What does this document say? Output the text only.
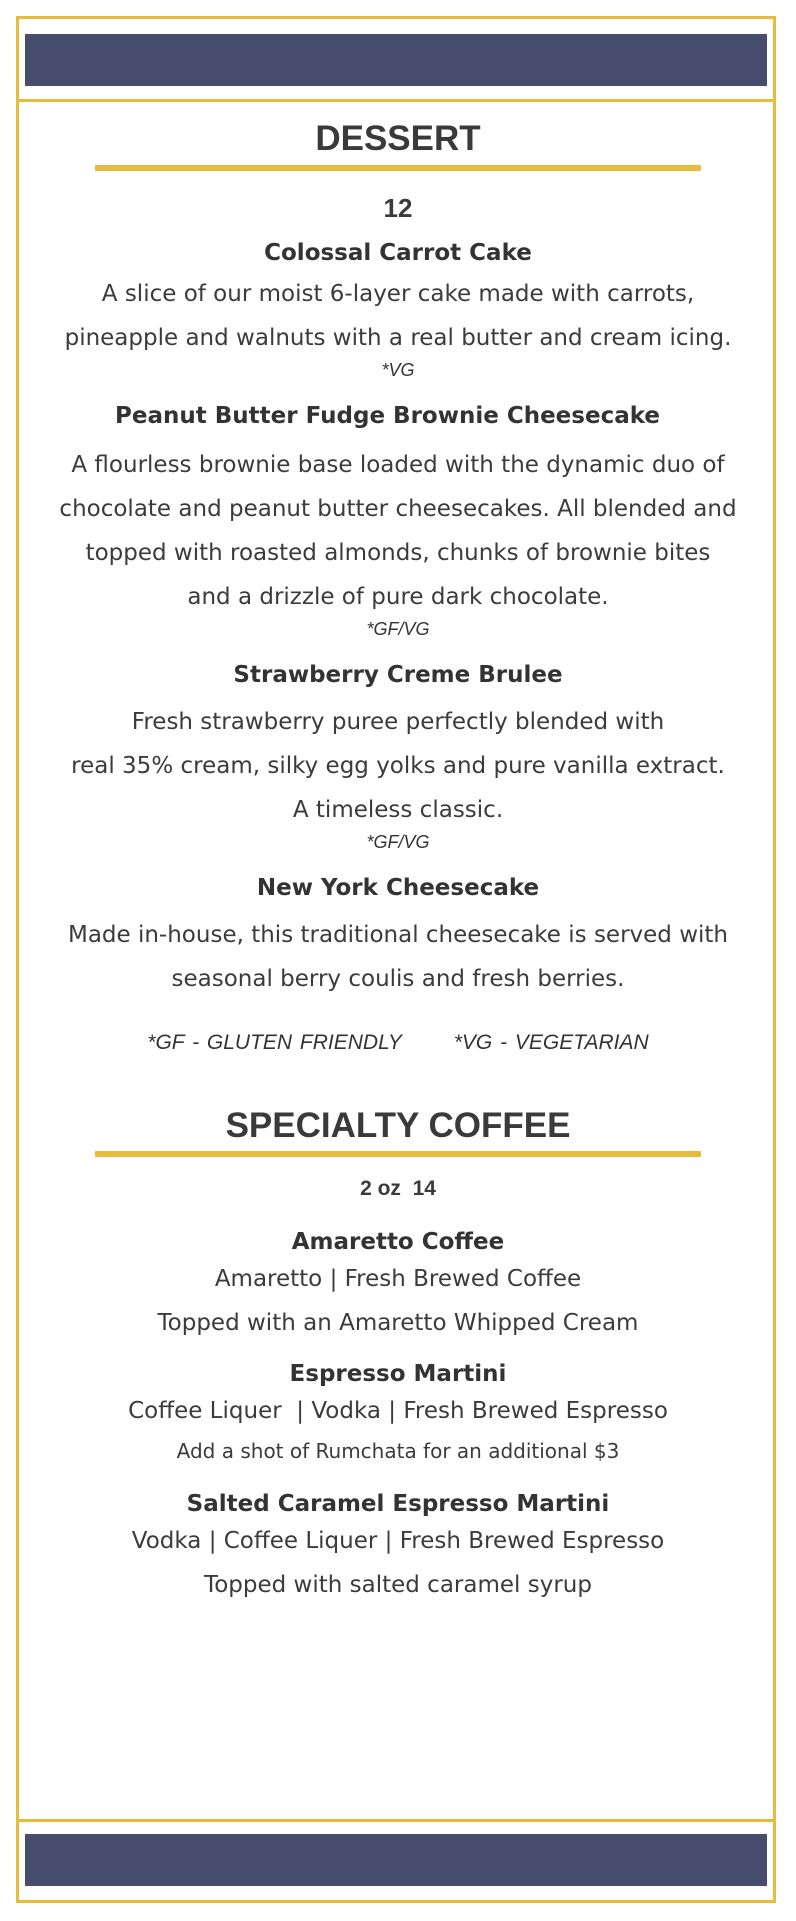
DESSERT

12

Colossal Carrot Cake

A slice of our moist 6-layer cake made with carrots,

pineapple and walnuts with a real butter and cream icing.

*VG

Peanut Butter Fudge Brownie Cheesecake

A flourless brownie base loaded with the dynamic duo of

chocolate and peanut butter cheesecakes. All blended and

topped with roasted almonds, chunks of brownie bites

and a drizzle of pure dark chocolate.

*GF/VG

Strawberry Creme Brulee

Fresh strawberry puree perfectly blended with

real 35% cream, silky egg yolks and pure vanilla extract.

A timeless classic.

*GF/VG

New York Cheesecake

Made in-house, this traditional cheesecake is served with

seasonal berry coulis and fresh berries.

*GF - GLUTEN FRIENDLY *VG - VEGETARIAN

SPECIALTY COFFEE

2 oz  14

Amaretto Coffee

Amaretto | Fresh Brewed Coffee

Topped with an Amaretto Whipped Cream

Espresso Martini

Coffee Liquer  | Vodka | Fresh Brewed Espresso

Add a shot of Rumchata for an additional $3

Salted Caramel Espresso Martini

Vodka | Coffee Liquer | Fresh Brewed Espresso

Topped with salted caramel syrup
